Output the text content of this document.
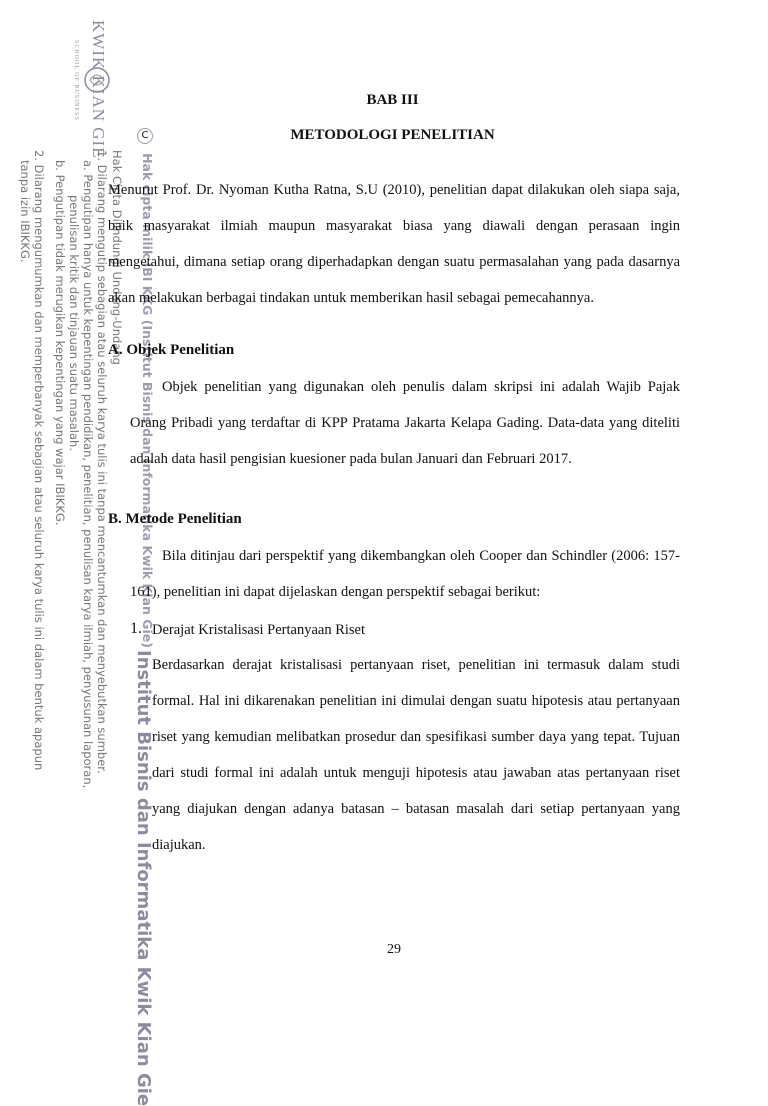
KWIK KIAN GIE
SCHOOL OF BUSINESS
C Hak cipta milik IBI KKG (Institut Bisnis dan Informatika Kwik Kian Gie)
Institut Bisnis dan Informatika Kwik Kian Gie
Hak Cipta Dilindungi Undang-Undang
1. Dilarang mengutip sebagian atau seluruh karya tulis ini tanpa mencantumkan dan menyebutkan sumber.
a. Pengutipan hanya untuk kepentingan pendidikan, penelitian, penulisan karya ilmiah, penyusunan laporan,
penulisan kritik dan tinjauan suatu masalah.
b. Pengutipan tidak merugikan kepentingan yang wajar IBIKKG.
2. Dilarang mengumumkan dan memperbanyak sebagian atau seluruh karya tulis ini dalam bentuk apapun
tanpa izin IBIKKG.
BAB III
METODOLOGI PENELITIAN
Menurut Prof. Dr. Nyoman Kutha Ratna, S.U (2010), penelitian dapat dilakukan oleh siapa saja, baik masyarakat ilmiah maupun masyarakat biasa yang diawali dengan perasaan ingin mengetahui, dimana setiap orang diperhadapkan dengan suatu permasalahan yang pada dasarnya akan melakukan berbagai tindakan untuk memberikan hasil sebagai pemecahannya.
A. Objek Penelitian
Objek penelitian yang digunakan oleh penulis dalam skripsi ini adalah Wajib Pajak Orang Pribadi yang terdaftar di KPP Pratama Jakarta Kelapa Gading. Data-data yang diteliti adalah data hasil pengisian kuesioner pada bulan Januari dan Februari 2017.
B. Metode Penelitian
Bila ditinjau dari perspektif yang dikembangkan oleh Cooper dan Schindler (2006: 157-161), penelitian ini dapat dijelaskan dengan perspektif sebagai berikut:
1. Derajat Kristalisasi Pertanyaan Riset
Berdasarkan derajat kristalisasi pertanyaan riset, penelitian ini termasuk dalam studi formal. Hal ini dikarenakan penelitian ini dimulai dengan suatu hipotesis atau pertanyaan riset yang kemudian melibatkan prosedur dan spesifikasi sumber daya yang tepat. Tujuan dari studi formal ini adalah untuk menguji hipotesis atau jawaban atas pertanyaan riset yang diajukan dengan adanya batasan – batasan masalah dari setiap pertanyaan yang diajukan.
29
